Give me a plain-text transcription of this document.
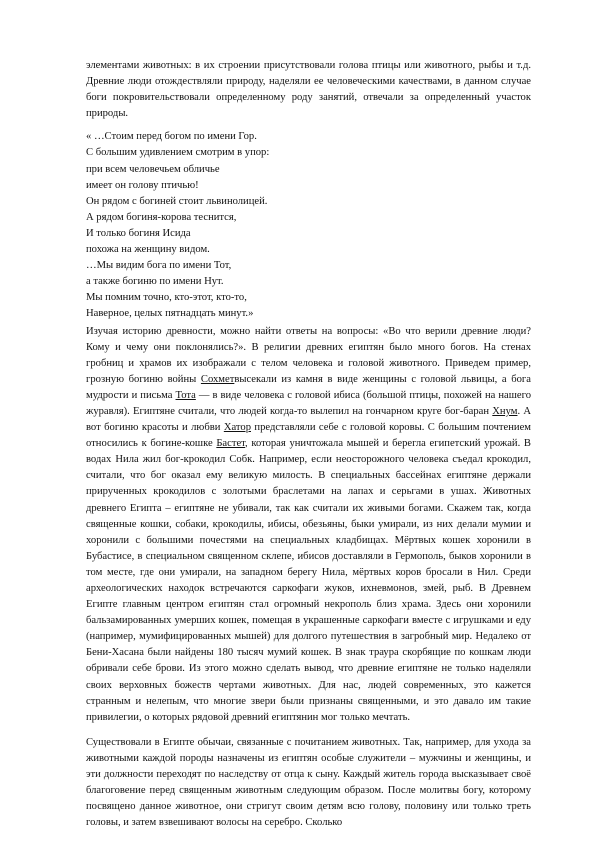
элементами животных: в их строении присутствовали голова птицы или животного, рыбы и т.д. Древние люди отождествляли природу, наделяли ее человеческими качествами, в данном случае боги покровительствовали определенному роду занятий, отвечали за определенный участок природы.

« …Стоим перед богом по имени Гор.
С большим удивлением смотрим в упор:
при всем человечьем обличье
имеет он голову птичью!
Он рядом с богиней стоит львинолицей.
А рядом богиня-корова теснится,
И только богиня Исида
похожа на женщину видом.
…Мы видим бога по имени Тот,
а также богиню по имени Нут.
Мы помним точно, кто-этот, кто-то,
Наверное, целых пятнадцать минут.»

Изучая историю древности, можно найти ответы на вопросы: «Во что верили древние люди? Кому и чему они поклонялись?». В религии древних египтян было много богов. На стенах гробниц и храмов их изображали с телом человека и головой животного. Приведем пример, грозную богиню войны Сохметвысекали из камня в виде женщины с головой львицы, а бога мудрости и письма Тота — в виде человека с головой ибиса (большой птицы, похожей на нашего журавля). Египтяне считали, что людей когда-то вылепил на гончарном круге бог-баран Хнум. А вот богиню красоты и любви Хатор представляли себе с головой коровы. С большим почтением относились к богине-кошке Бастет, которая уничтожала мышей и берегла египетский урожай. В водах Нила жил бог-крокодил Собк. Например, если неосторожного человека съедал крокодил, считали, что бог оказал ему великую милость. В специальных бассейнах египтяне держали прирученных крокодилов с золотыми браслетами на лапах и серьгами в ушах. Животных древнего Египта – египтяне не убивали, так как считали их живыми богами. Скажем так, когда священные кошки, собаки, крокодилы, ибисы, обезьяны, быки умирали, из них делали мумии и хоронили с большими почестями на специальных кладбищах. Мёртвых кошек хоронили в Бубастисе, в специальном священном склепе, ибисов доставляли в Гермополь, быков хоронили в том месте, где они умирали, на западном берегу Нила, мёртвых коров бросали в Нил. Среди археологических находок встречаются саркофаги жуков, ихневмонов, змей, рыб. В Древнем Египте главным центром египтян стал огромный некрополь близ храма. Здесь они хоронили бальзамированных умерших кошек, помещая в украшенные саркофаги вместе с игрушками и еду (например, мумифицированных мышей) для долгого путешествия в загробный мир. Недалеко от Бени-Хасана были найдены 180 тысяч мумий кошек. В знак траура скорбящие по кошкам люди обривали себе брови. Из этого можно сделать вывод, что древние египтяне не только наделяли своих верховных божеств чертами животных. Для нас, людей современных, это кажется странным и нелепым, что многие звери были признаны священными, и это давало им такие привилегии, о которых рядовой древний египтянин мог только мечтать.

Существовали в Египте обычаи, связанные с почитанием животных. Так, например, для ухода за животными каждой породы назначены из египтян особые служители – мужчины и женщины, и эти должности переходят по наследству от отца к сыну. Каждый житель города высказывает своё благоговение перед священным животным следующим образом. После молитвы богу, которому посвящено данное животное, они стригут своим детям всю голову, половину или только треть головы, и затем взвешивают волосы на серебро. Сколько
